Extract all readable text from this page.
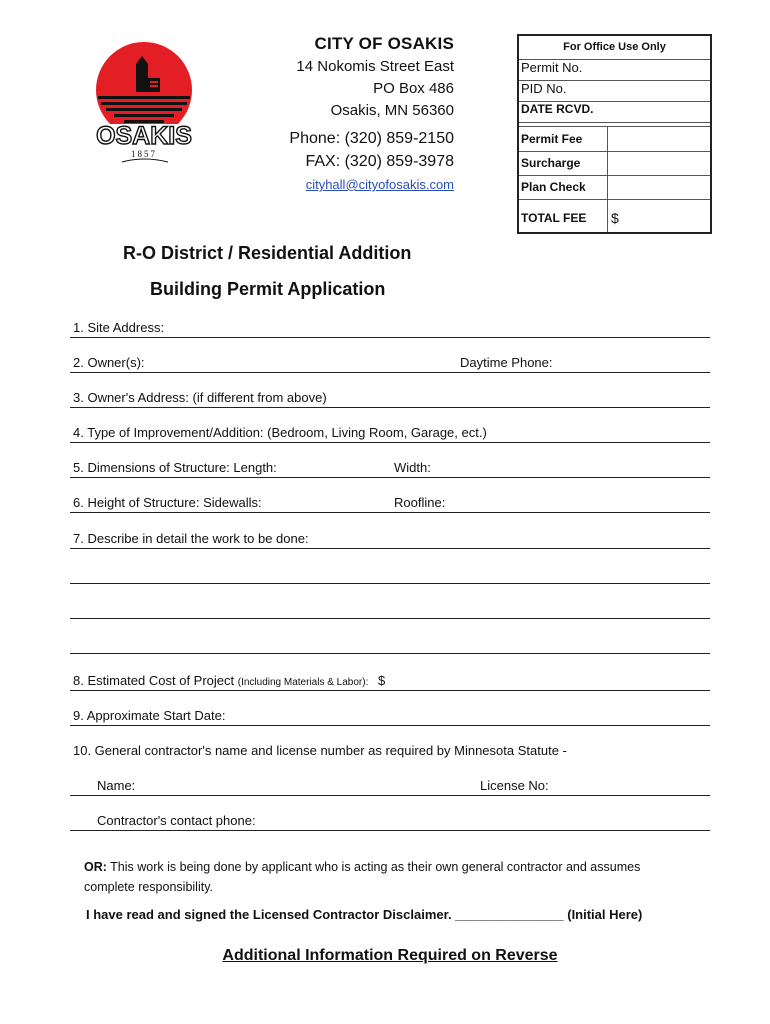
OSAKIS
1857
CITY OF OSAKIS
14 Nokomis Street East
PO Box 486
Osakis, MN 56360
Phone: (320) 859-2150
FAX: (320) 859-3978
cityhall@cityofosakis.com
For Office Use Only
Permit No.
PID No.
DATE RCVD.
Permit Fee
Surcharge
Plan Check
TOTAL FEE	$
R-O District / Residential Addition
Building Permit Application
1. Site Address:
2. Owner(s):	Daytime Phone:
3. Owner's Address: (if different from above)
4. Type of Improvement/Addition: (Bedroom, Living Room, Garage, ect.)
5. Dimensions of Structure: Length:	Width:
6. Height of Structure: Sidewalls:	Roofline:
7. Describe in detail the work to be done:
8. Estimated Cost of Project (Including Materials & Labor): $
9. Approximate Start Date:
10. General contractor's name and license number as required by Minnesota Statute -
Name:	License No:
Contractor's contact phone:
OR: This work is being done by applicant who is acting as their own general contractor and assumes complete responsibility.
I have read and signed the Licensed Contractor Disclaimer. _______________ (Initial Here)
Additional Information Required on Reverse
